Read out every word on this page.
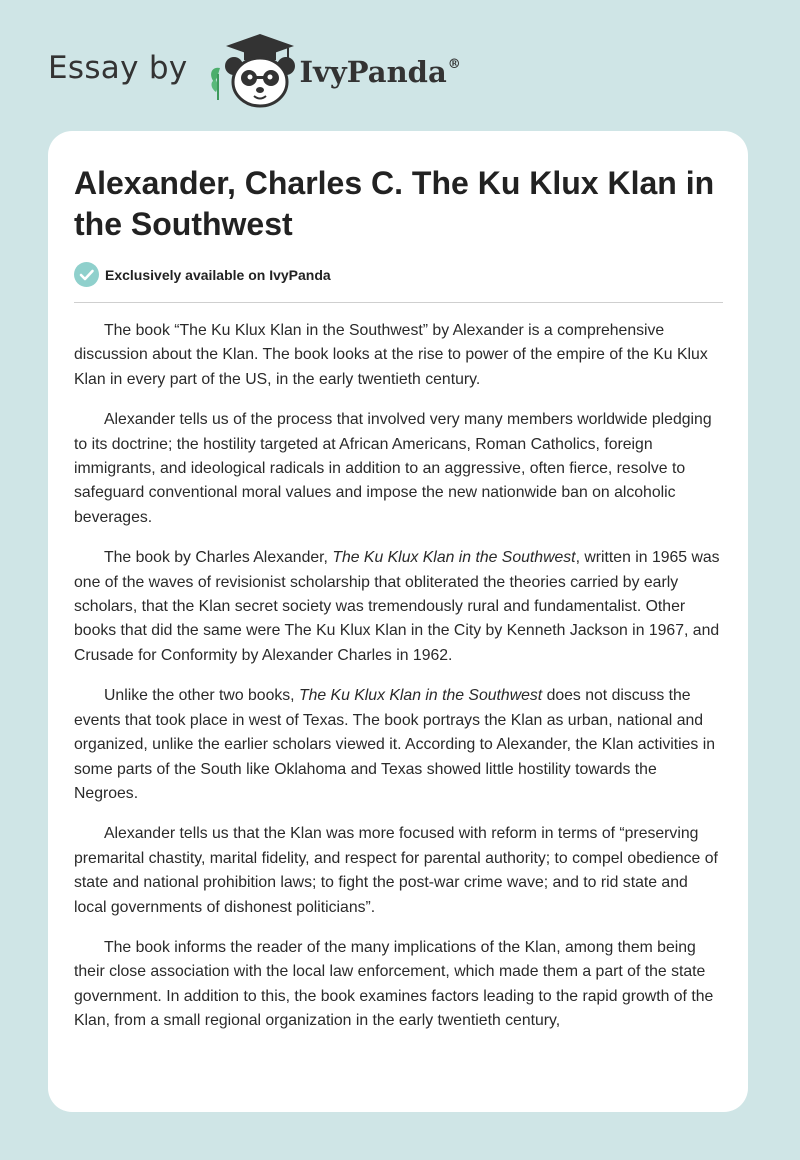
Essay by	IvyPanda®
Alexander, Charles C. The Ku Klux Klan in the Southwest
Exclusively available on IvyPanda

The book “The Ku Klux Klan in the Southwest” by Alexander is a comprehensive discussion about the Klan. The book looks at the rise to power of the empire of the Ku Klux Klan in every part of the US, in the early twentieth century.

Alexander tells us of the process that involved very many members worldwide pledging to its doctrine; the hostility targeted at African Americans, Roman Catholics, foreign immigrants, and ideological radicals in addition to an aggressive, often fierce, resolve to safeguard conventional moral values and impose the new nationwide ban on alcoholic beverages.

The book by Charles Alexander, The Ku Klux Klan in the Southwest, written in 1965 was one of the waves of revisionist scholarship that obliterated the theories carried by early scholars, that the Klan secret society was tremendously rural and fundamentalist. Other books that did the same were The Ku Klux Klan in the City by Kenneth Jackson in 1967, and Crusade for Conformity by Alexander Charles in 1962.

Unlike the other two books, The Ku Klux Klan in the Southwest does not discuss the events that took place in west of Texas. The book portrays the Klan as urban, national and organized, unlike the earlier scholars viewed it. According to Alexander, the Klan activities in some parts of the South like Oklahoma and Texas showed little hostility towards the Negroes.

Alexander tells us that the Klan was more focused with reform in terms of “preserving premarital chastity, marital fidelity, and respect for parental authority; to compel obedience of state and national prohibition laws; to fight the post-war crime wave; and to rid state and local governments of dishonest politicians”.

The book informs the reader of the many implications of the Klan, among them being their close association with the local law enforcement, which made them a part of the state government. In addition to this, the book examines factors leading to the rapid growth of the Klan, from a small regional organization in the early twentieth century,
